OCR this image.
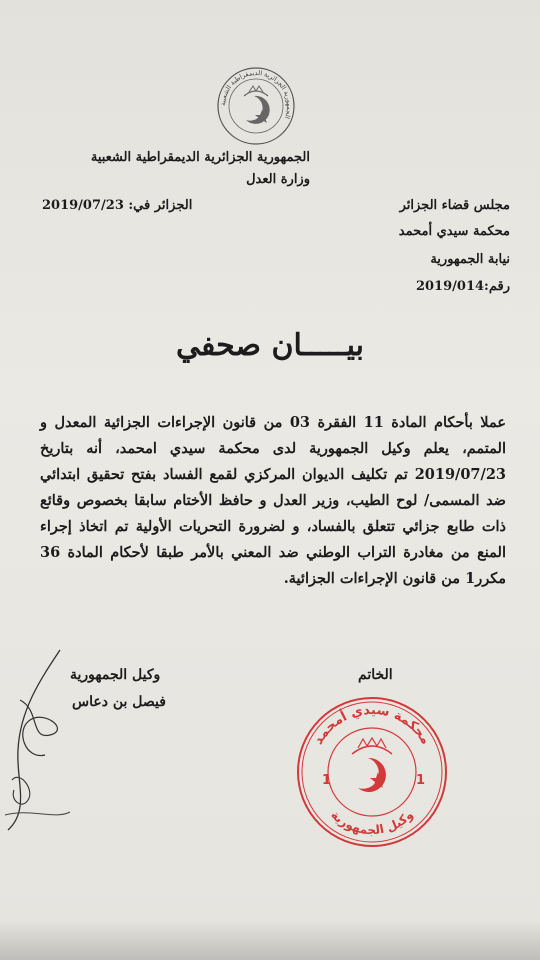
الجمهورية الجزائرية الديمقراطية الشعبية
الجمهورية الجزائرية الديمقراطية الشعبية
وزارة العدل
الجزائر في: 2019/07/23	مجلس قضاء الجزائر
محكمة سيدي أمحمد
نيابة الجمهورية
رقم:2019/014
بيـــــان صحفي

عملا بأحكام المادة 11 الفقرة 03 من قانون الإجراءات الجزائية المعدل و المتمم، يعلم وكيل الجمهورية لدى محكمة سيدي امحمد، أنه بتاريخ 2019/07/23 تم تكليف الديوان المركزي لقمع الفساد بفتح تحقيق ابتدائي ضد المسمى/ لوح الطيب، وزير العدل و حافظ الأختام سابقا بخصوص وقائع ذات طابع جزائي تتعلق بالفساد، و لضرورة التحريات الأولية تم اتخاذ إجراء المنع من مغادرة التراب الوطني ضد المعني بالأمر طبقا لأحكام المادة 36 مكرر1 من قانون الإجراءات الجزائية.

الخاتم
وكيل الجمهورية
فيصل بن دعاس
محكمة سيدي أمحمد
وكيل الجمهورية
1	1
